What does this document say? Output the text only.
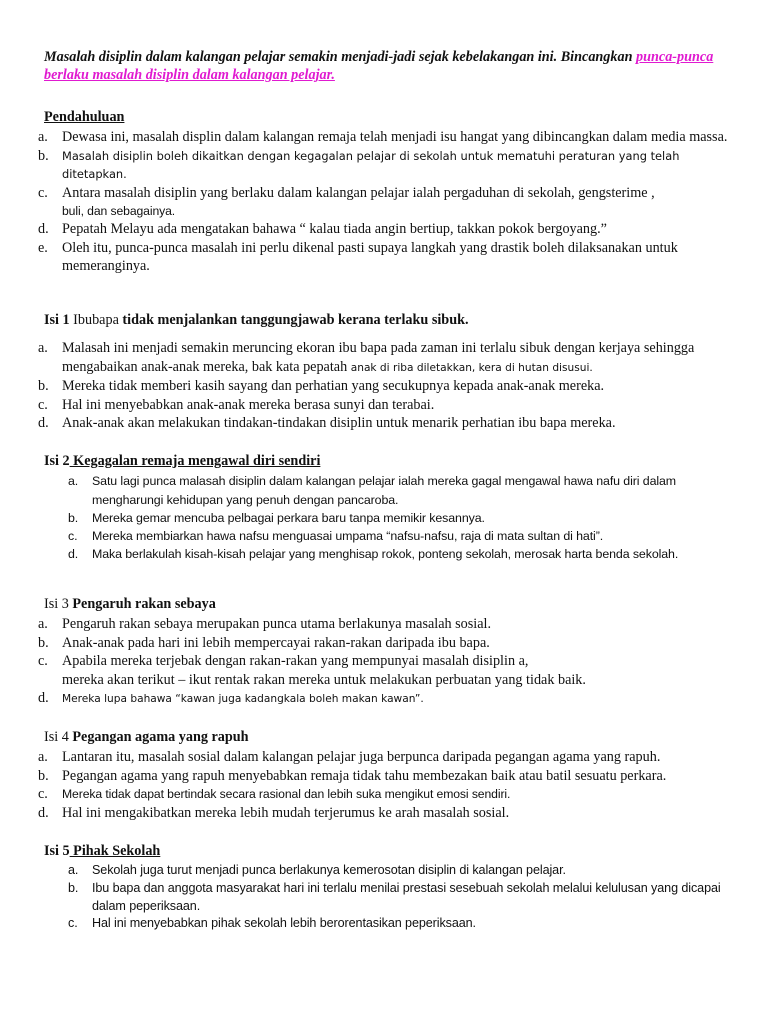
Masalah disiplin dalam kalangan pelajar semakin menjadi-jadi sejak kebelakangan ini. Bincangkan punca-punca berlaku masalah disiplin dalam kalangan pelajar.
Pendahuluan
a. Dewasa ini, masalah displin dalam kalangan remaja telah menjadi isu hangat yang dibincangkan dalam media massa.
b. Masalah disiplin boleh dikaitkan dengan kegagalan pelajar di sekolah untuk mematuhi peraturan yang telah ditetapkan.
c. Antara masalah disiplin yang berlaku dalam kalangan pelajar ialah pergaduhan di sekolah, gengsterime ,
buli, dan sebagainya.
d. Pepatah Melayu ada mengatakan bahawa “ kalau tiada angin bertiup, takkan pokok bergoyang.”
e. Oleh itu, punca-punca masalah ini perlu dikenal pasti supaya langkah yang drastik boleh dilaksanakan untuk memeranginya.
Isi 1 Ibubapa tidak menjalankan tanggungjawab kerana terlaku sibuk.
a. Malasah ini menjadi semakin meruncing ekoran ibu bapa pada zaman ini terlalu sibuk dengan kerjaya sehingga mengabaikan anak-anak mereka, bak kata pepatah anak di riba diletakkan, kera di hutan disusui.
b. Mereka tidak memberi kasih sayang dan perhatian yang secukupnya kepada anak-anak mereka.
c. Hal ini menyebabkan anak-anak mereka berasa sunyi dan terabai.
d. Anak-anak akan melakukan tindakan-tindakan disiplin untuk menarik perhatian ibu bapa mereka.
Isi 2 Kegagalan remaja mengawal diri sendiri
a. Satu lagi punca malasah disiplin dalam kalangan pelajar ialah mereka gagal mengawal hawa nafu diri dalam mengharungi kehidupan yang penuh dengan pancaroba.
b. Mereka gemar mencuba pelbagai perkara baru tanpa memikir kesannya.
c. Mereka membiarkan hawa nafsu menguasai umpama “nafsu-nafsu, raja di mata sultan di hati”.
d. Maka berlakulah kisah-kisah pelajar yang menghisap rokok, ponteng sekolah, merosak harta benda sekolah.
Isi 3 Pengaruh rakan sebaya
a. Pengaruh rakan sebaya merupakan punca utama berlakunya masalah sosial.
b. Anak-anak pada hari ini lebih mempercayai rakan-rakan daripada ibu bapa.
c. Apabila mereka terjebak dengan rakan-rakan yang mempunyai masalah disiplin a,
mereka akan terikut – ikut rentak rakan mereka untuk melakukan perbuatan yang tidak baik.
d. Mereka lupa bahawa “kawan juga kadangkala boleh makan kawan”.
Isi 4 Pegangan agama yang rapuh
a. Lantaran itu, masalah sosial dalam kalangan pelajar juga berpunca daripada pegangan agama yang rapuh.
b. Pegangan agama yang rapuh menyebabkan remaja tidak tahu membezakan baik atau batil sesuatu perkara.
c. Mereka tidak dapat bertindak secara rasional dan lebih suka mengikut emosi sendiri.
d. Hal ini mengakibatkan mereka lebih mudah terjerumus ke arah masalah sosial.
Isi 5 Pihak Sekolah
a. Sekolah juga turut menjadi punca berlakunya kemerosotan disiplin di kalangan pelajar.
b. Ibu bapa dan anggota masyarakat hari ini terlalu menilai prestasi sesebuah sekolah melalui kelulusan yang dicapai dalam peperiksaan.
c. Hal ini menyebabkan pihak sekolah lebih berorentasikan peperiksaan.
